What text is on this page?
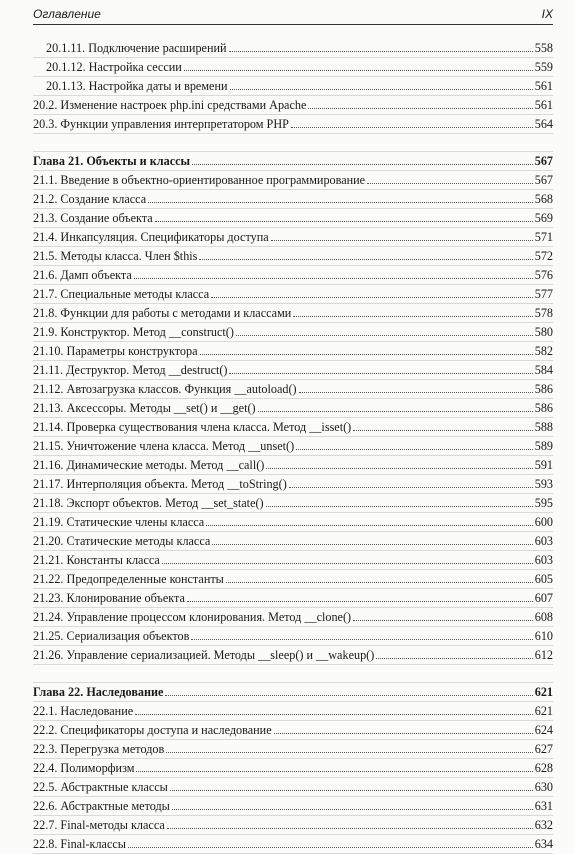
Оглавление	IX
20.1.11. Подключение расширений	558
20.1.12. Настройка сессии	559
20.1.13. Настройка даты и времени	561
20.2. Изменение настроек php.ini средствами Apache	561
20.3. Функции управления интерпретатором PHP	564
Глава 21. Объекты и классы	567
21.1. Введение в объектно-ориентированное программирование	567
21.2. Создание класса	568
21.3. Создание объекта	569
21.4. Инкапсуляция. Спецификаторы доступа	571
21.5. Методы класса. Член $this	572
21.6. Дамп объекта	576
21.7. Специальные методы класса	577
21.8. Функции для работы с методами и классами	578
21.9. Конструктор. Метод __construct()	580
21.10. Параметры конструктора	582
21.11. Деструктор. Метод __destruct()	584
21.12. Автозагрузка классов. Функция __autoload()	586
21.13. Аксессоры. Методы __set() и __get()	586
21.14. Проверка существования члена класса. Метод __isset()	588
21.15. Уничтожение члена класса. Метод __unset()	589
21.16. Динамические методы. Метод __call()	591
21.17. Интерполяция объекта. Метод __toString()	593
21.18. Экспорт объектов. Метод __set_state()	595
21.19. Статические члены класса	600
21.20. Статические методы класса	603
21.21. Константы класса	603
21.22. Предопределенные константы	605
21.23. Клонирование объекта	607
21.24. Управление процессом клонирования. Метод __clone()	608
21.25. Сериализация объектов	610
21.26. Управление сериализацией. Методы __sleep() и __wakeup()	612
Глава 22. Наследование	621
22.1. Наследование	621
22.2. Спецификаторы доступа и наследование	624
22.3. Перегрузка методов	627
22.4. Полиморфизм	628
22.5. Абстрактные классы	630
22.6. Абстрактные методы	631
22.7. Final-методы класса	632
22.8. Final-классы	634
